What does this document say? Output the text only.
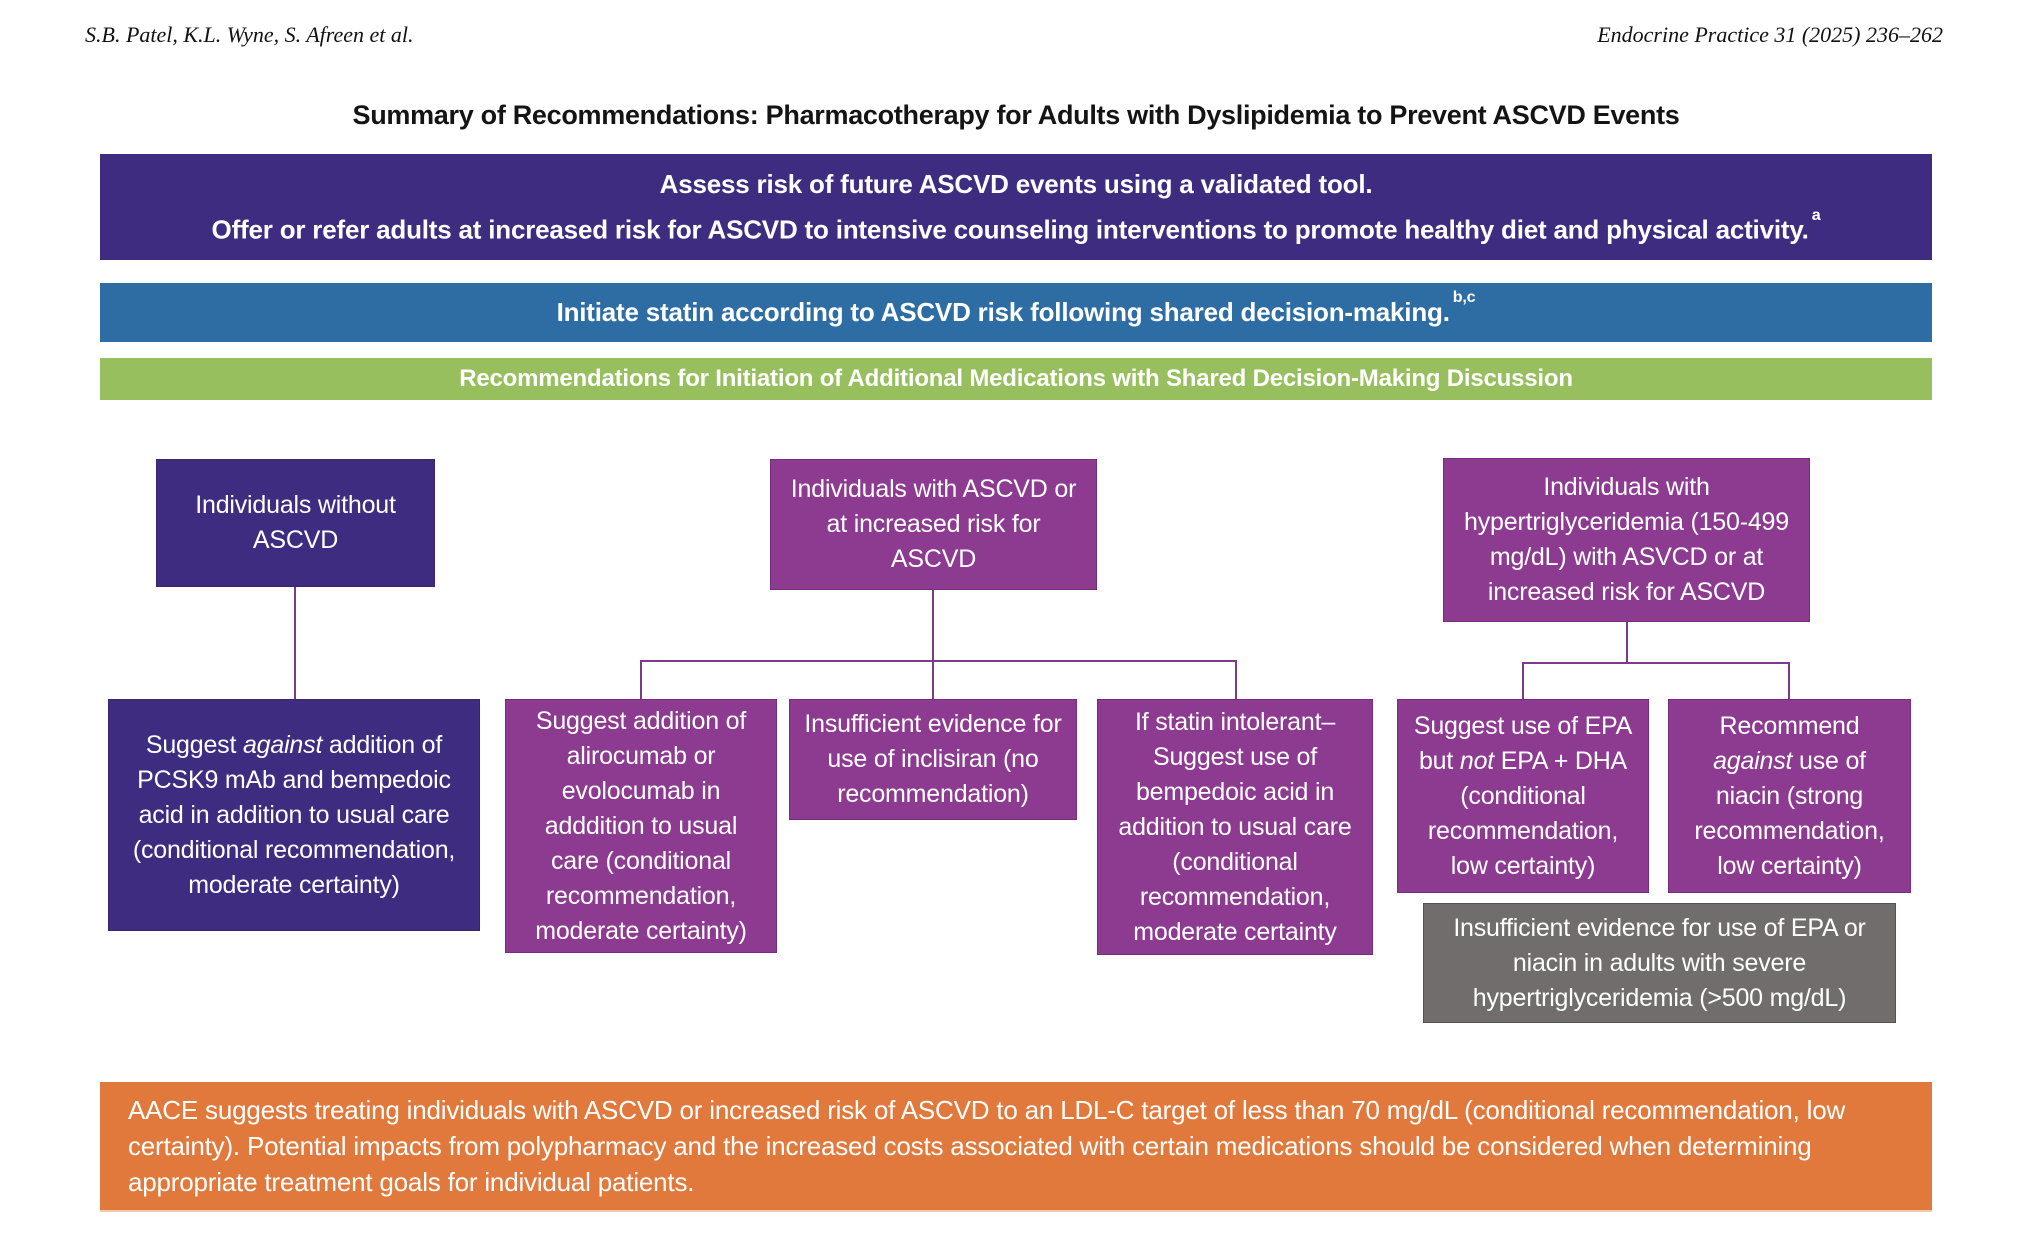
S.B. Patel, K.L. Wyne, S. Afreen et al.	Endocrine Practice 31 (2025) 236–262
Summary of Recommendations: Pharmacotherapy for Adults with Dyslipidemia to Prevent ASCVD Events
Assess risk of future ASCVD events using a validated tool.
Offer or refer adults at increased risk for ASCVD to intensive counseling interventions to promote healthy diet and physical activity. $^a$
Initiate statin according to ASCVD risk following shared decision-making. $^{b,c}$
Recommendations for Initiation of Additional Medications with Shared Decision-Making Discussion
Individuals without ASCVD
Individuals with ASCVD or at increased risk for ASCVD
Individuals with hypertriglyceridemia (150-499 mg/dL) with ASVCD or at increased risk for ASCVD
Suggest against addition of PCSK9 mAb and bempedoic acid in addition to usual care (conditional recommendation, moderate certainty)
Suggest addition of alirocumab or evolocumab in adddition to usual care (conditional recommendation, moderate certainty)
Insufficient evidence for use of inclisiran (no recommendation)
If statin intolerant– Suggest use of bempedoic acid in addition to usual care (conditional recommendation, moderate certainty
Suggest use of EPA but not EPA + DHA (conditional recommendation, low certainty)
Recommend against use of niacin (strong recommendation, low certainty)
Insufficient evidence for use of EPA or niacin in adults with severe hypertriglyceridemia (>500 mg/dL)
AACE suggests treating individuals with ASCVD or increased risk of ASCVD to an LDL-C target of less than 70 mg/dL (conditional recommendation, low certainty). Potential impacts from polypharmacy and the increased costs associated with certain medications should be considered when determining appropriate treatment goals for individual patients.
